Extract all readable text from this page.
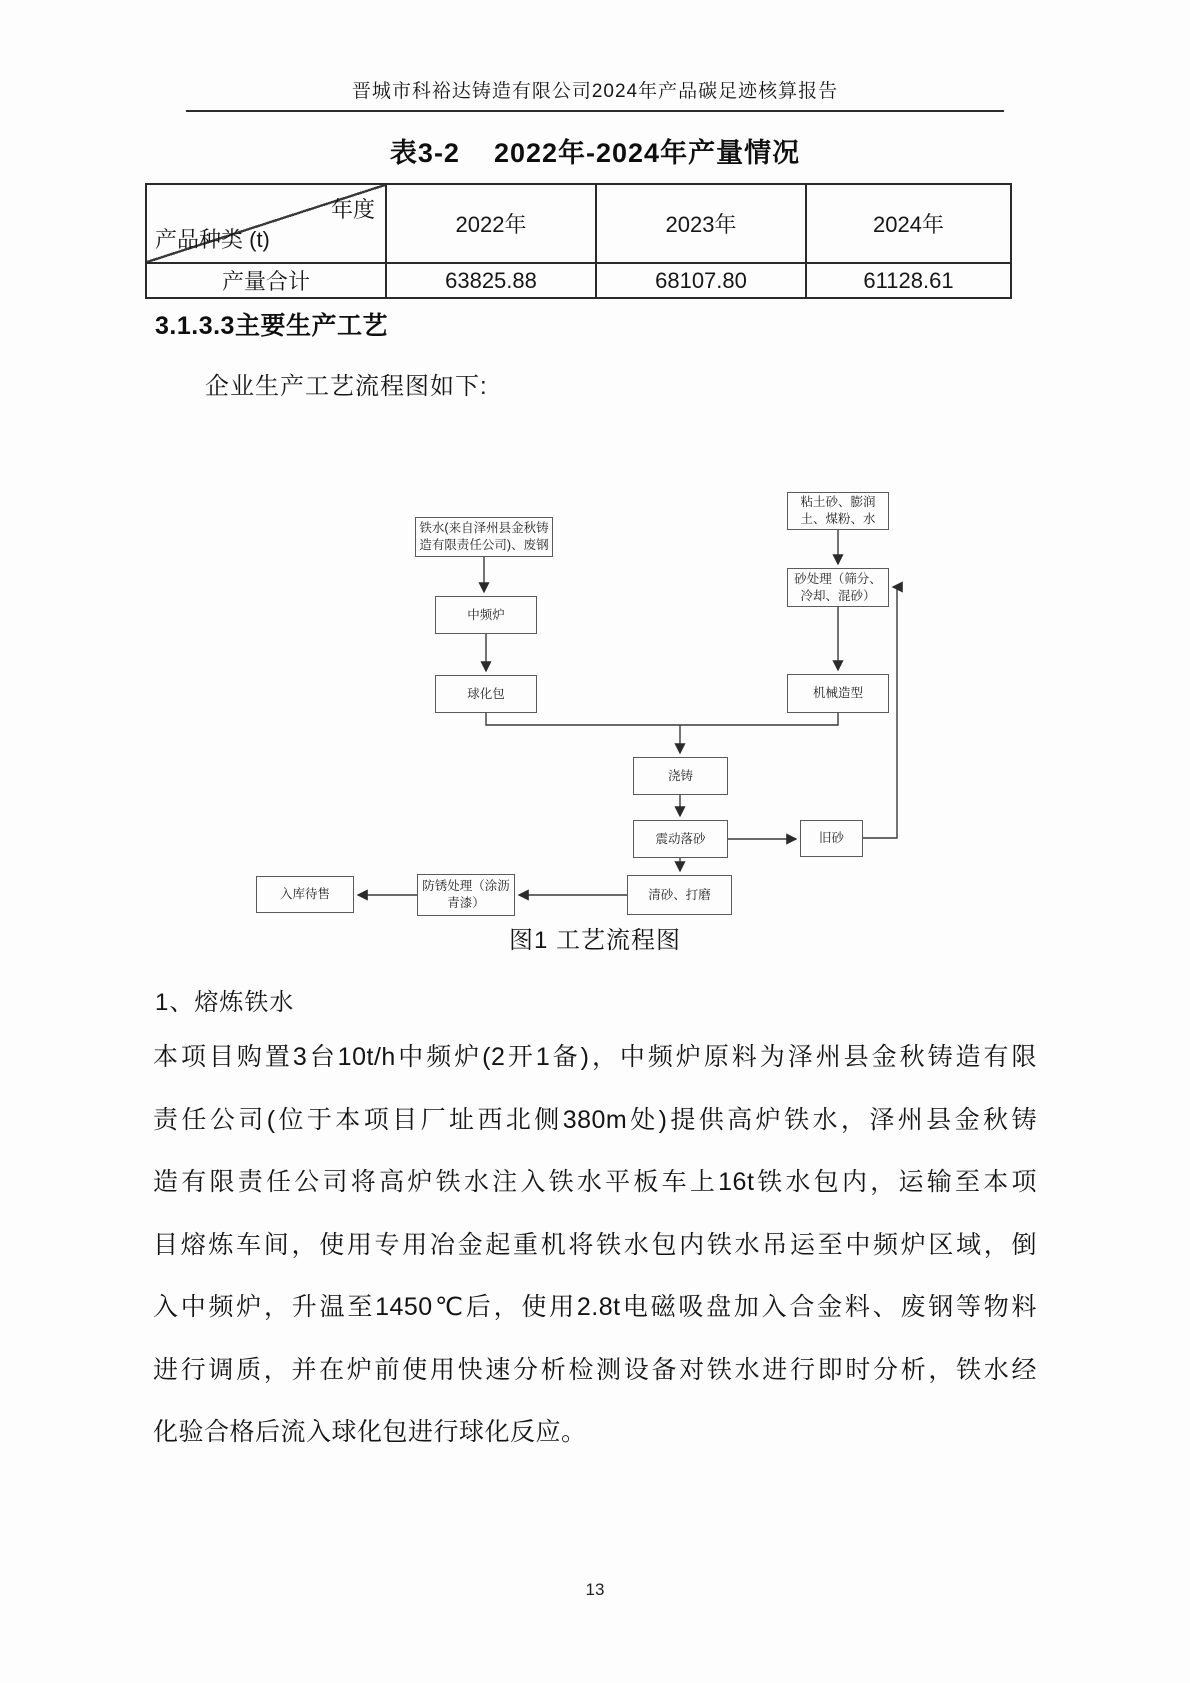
晋城市科裕达铸造有限公司2024年产品碳足迹核算报告
表3-2 2022年-2024年产量情况
年度
产品种类 (t)	2022年	2023年	2024年
产量合计	63825.88	68107.80	61128.61
3.1.3.3主要生产工艺
企业生产工艺流程图如下:
铁水(来自泽州县金秋铸造有限责任公司)、废钢
中频炉
球化包
粘土砂、膨润土、煤粉、水
砂处理（筛分、冷却、混砂）
机械造型
浇铸
震动落砂	旧砂
清砂、打磨
防锈处理（涂沥青漆）
入库待售
图1 工艺流程图
1、熔炼铁水
本项目购置3台10t/h中频炉(2开1备)，中频炉原料为泽州县金秋铸造有限
责任公司(位于本项目厂址西北侧380m处)提供高炉铁水，泽州县金秋铸
造有限责任公司将高炉铁水注入铁水平板车上16t铁水包内，运输至本项
目熔炼车间，使用专用冶金起重机将铁水包内铁水吊运至中频炉区域，倒
入中频炉，升温至1450℃后，使用2.8t电磁吸盘加入合金料、废钢等物料
进行调质，并在炉前使用快速分析检测设备对铁水进行即时分析，铁水经
化验合格后流入球化包进行球化反应。
13
